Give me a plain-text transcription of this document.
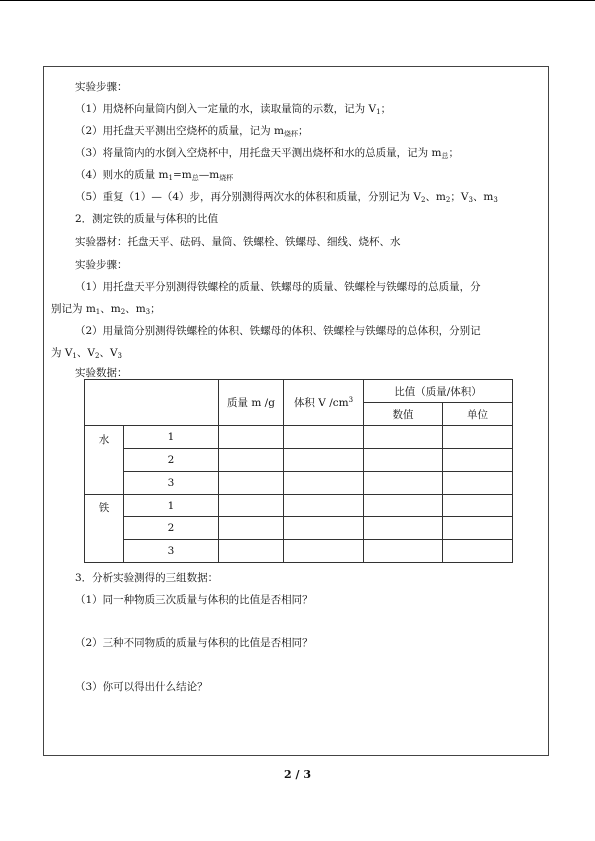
实验步骤：
（1）用烧杯向量筒内倒入一定量的水，读取量筒的示数，记为 $V_1$；
（2）用托盘天平测出空烧杯的质量，记为 $m_{烧杯}$；
（3）将量筒内的水倒入空烧杯中，用托盘天平测出烧杯和水的总质量，记为 $m_总$；
（4）则水的质量 $m_1=m_总—m_{烧杯}$
（5）重复（1）—（4）步，再分别测得两次水的体积和质量，分别记为 $V_2$、$m_2$；$V_3$、$m_3$
2．测定铁的质量与体积的比值
实验器材：托盘天平、砝码、量筒、铁螺栓、铁螺母、细线、烧杯、水
实验步骤：
（1）用托盘天平分别测得铁螺栓的质量、铁螺母的质量、铁螺栓与铁螺母的总质量，分
别记为 $m_1$、$m_2$、$m_3$；
（2）用量筒分别测得铁螺栓的体积、铁螺母的体积、铁螺栓与铁螺母的总体积，分别记
为 $V_1$、$V_2$、$V_3$
实验数据：
		质量 m /g	体积 V $/cm^3$	比值（质量/体积）	
				数值	单位
水	1				
	2				
	3				
铁	1				
	2				
	3				
3．分析实验测得的三组数据：
（1）同一种物质三次质量与体积的比值是否相同？
（2）三种不同物质的质量与体积的比值是否相同？
（3）你可以得出什么结论？
2 / 3
